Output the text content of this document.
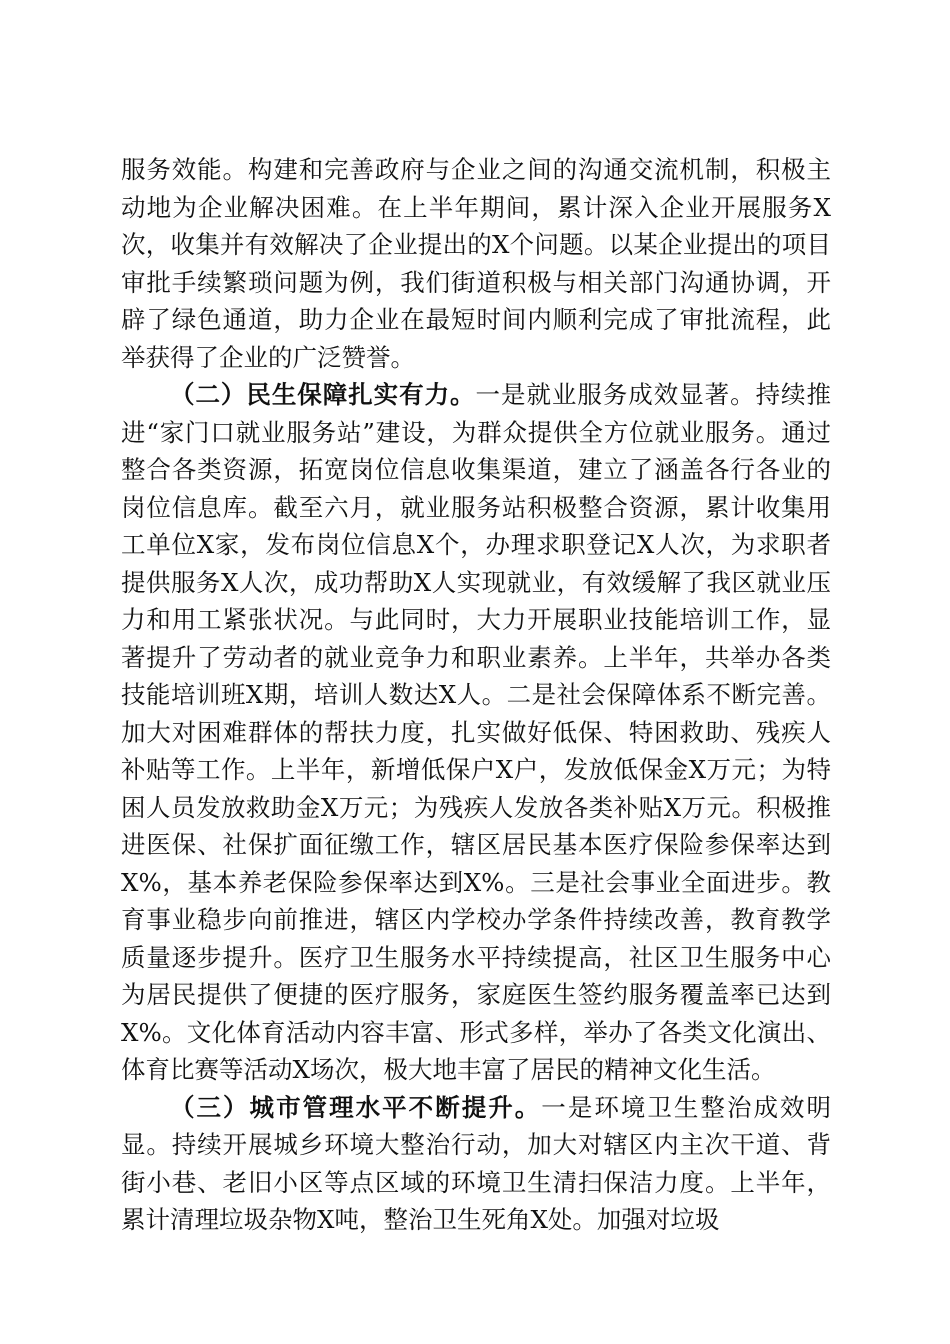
服务效能。构建和完善政府与企业之间的沟通交流机制，积极主动地为企业解决困难。在上半年期间，累计深入企业开展服务X次，收集并有效解决了企业提出的X个问题。以某企业提出的项目审批手续繁琐问题为例，我们街道积极与相关部门沟通协调，开辟了绿色通道，助力企业在最短时间内顺利完成了审批流程，此举获得了企业的广泛赞誉。

（二）民生保障扎实有力。一是就业服务成效显著。持续推进“家门口就业服务站”建设，为群众提供全方位就业服务。通过整合各类资源，拓宽岗位信息收集渠道，建立了涵盖各行各业的岗位信息库。截至六月，就业服务站积极整合资源，累计收集用工单位X家，发布岗位信息X个，办理求职登记X人次，为求职者提供服务X人次，成功帮助X人实现就业，有效缓解了我区就业压力和用工紧张状况。与此同时，大力开展职业技能培训工作，显著提升了劳动者的就业竞争力和职业素养。上半年，共举办各类技能培训班X期，培训人数达X人。二是社会保障体系不断完善。加大对困难群体的帮扶力度，扎实做好低保、特困救助、残疾人补贴等工作。上半年，新增低保户X户，发放低保金X万元；为特困人员发放救助金X万元；为残疾人发放各类补贴X万元。积极推进医保、社保扩面征缴工作，辖区居民基本医疗保险参保率达到X%，基本养老保险参保率达到X%。三是社会事业全面进步。教育事业稳步向前推进，辖区内学校办学条件持续改善，教育教学质量逐步提升。医疗卫生服务水平持续提高，社区卫生服务中心为居民提供了便捷的医疗服务，家庭医生签约服务覆盖率已达到X%。文化体育活动内容丰富、形式多样，举办了各类文化演出、体育比赛等活动X场次，极大地丰富了居民的精神文化生活。

（三）城市管理水平不断提升。一是环境卫生整治成效明显。持续开展城乡环境大整治行动，加大对辖区内主次干道、背街小巷、老旧小区等点区域的环境卫生清扫保洁力度。上半年，累计清理垃圾杂物X吨，整治卫生死角X处。加强对垃圾
